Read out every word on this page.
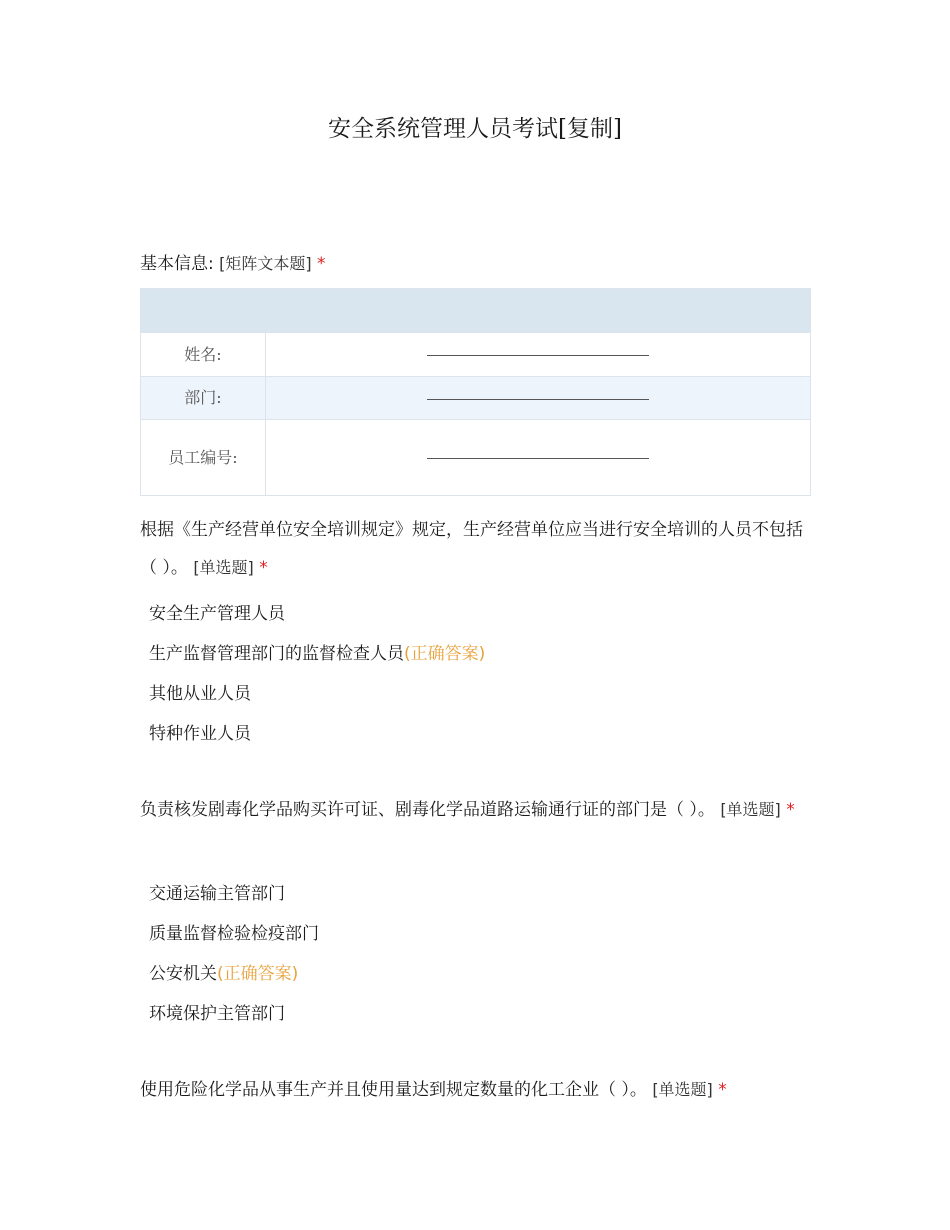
安全系统管理人员考试[复制]
基本信息: [矩阵文本题] *

姓名:	
部门:	
员工编号:	
根据《生产经营单位安全培训规定》规定，生产经营单位应当进行安全培训的人员不包括（ ）。 [单选题] *
安全生产管理人员
生产监督管理部门的监督检查人员(正确答案)
其他从业人员
特种作业人员
负责核发剧毒化学品购买许可证、剧毒化学品道路运输通行证的部门是（ ）。 [单选题] *
交通运输主管部门
质量监督检验检疫部门
公安机关(正确答案)
环境保护主管部门
使用危险化学品从事生产并且使用量达到规定数量的化工企业（ ）。 [单选题] *
